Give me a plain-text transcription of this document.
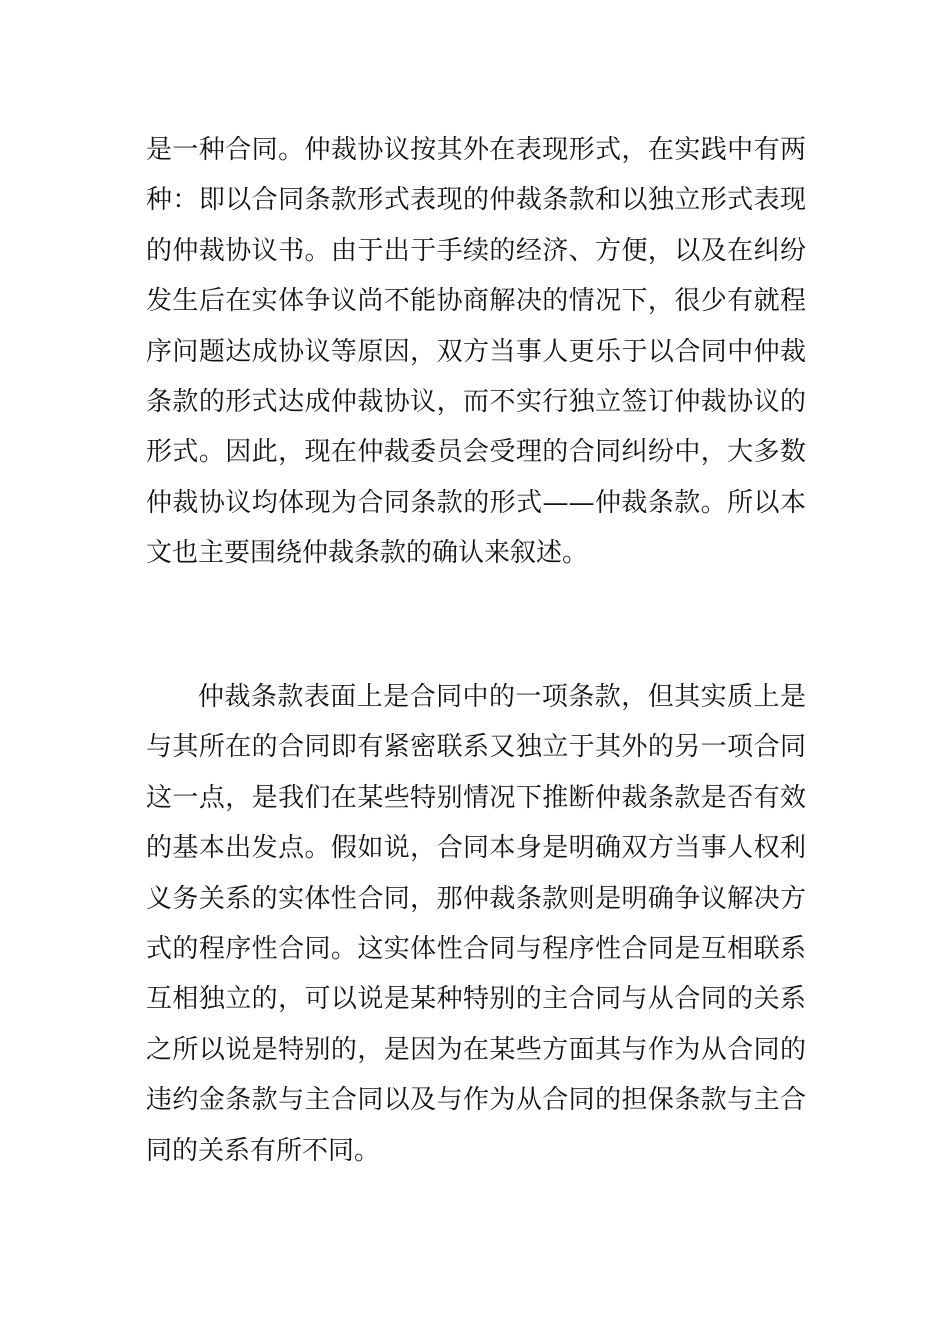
是一种合同。仲裁协议按其外在表现形式，在实践中有两
种：即以合同条款形式表现的仲裁条款和以独立形式表现
的仲裁协议书。由于出于手续的经济、方便，以及在纠纷
发生后在实体争议尚不能协商解决的情况下，很少有就程
序问题达成协议等原因，双方当事人更乐于以合同中仲裁
条款的形式达成仲裁协议，而不实行独立签订仲裁协议的
形式。因此，现在仲裁委员会受理的合同纠纷中，大多数
仲裁协议均体现为合同条款的形式——仲裁条款。所以本
文也主要围绕仲裁条款的确认来叙述。
仲裁条款表面上是合同中的一项条款，但其实质上是
与其所在的合同即有紧密联系又独立于其外的另一项合同
这一点，是我们在某些特别情况下推断仲裁条款是否有效
的基本出发点。假如说，合同本身是明确双方当事人权利
义务关系的实体性合同，那仲裁条款则是明确争议解决方
式的程序性合同。这实体性合同与程序性合同是互相联系
互相独立的，可以说是某种特别的主合同与从合同的关系
之所以说是特别的，是因为在某些方面其与作为从合同的
违约金条款与主合同以及与作为从合同的担保条款与主合
同的关系有所不同。
